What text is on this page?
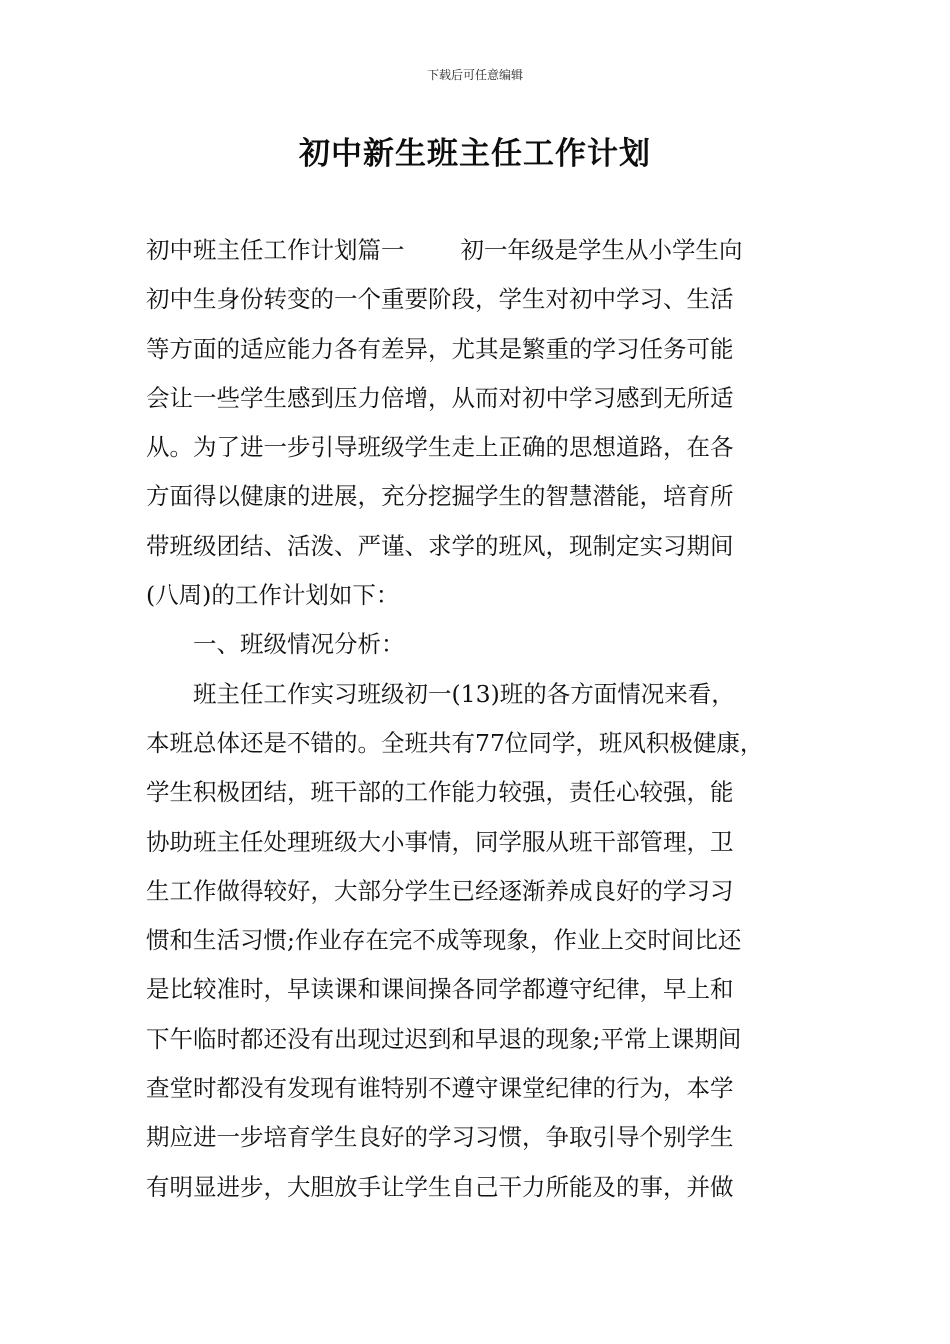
下载后可任意编辑
初中新生班主任工作计划

初中班主任工作计划篇一 初一年级是学生从小学生向

初中生身份转变的一个重要阶段，学生对初中学习、生活

等方面的适应能力各有差异，尤其是繁重的学习任务可能

会让一些学生感到压力倍增，从而对初中学习感到无所适

从。为了进一步引导班级学生走上正确的思想道路，在各

方面得以健康的进展，充分挖掘学生的智慧潜能，培育所

带班级团结、活泼、严谨、求学的班风，现制定实习期间

(八周)的工作计划如下：

一、班级情况分析：

班主任工作实习班级初一(13)班的各方面情况来看，

本班总体还是不错的。全班共有77位同学，班风积极健康，

学生积极团结，班干部的工作能力较强，责任心较强，能

协助班主任处理班级大小事情，同学服从班干部管理，卫

生工作做得较好，大部分学生已经逐渐养成良好的学习习

惯和生活习惯;作业存在完不成等现象，作业上交时间比还

是比较准时，早读课和课间操各同学都遵守纪律，早上和

下午临时都还没有出现过迟到和早退的现象;平常上课期间

查堂时都没有发现有谁特别不遵守课堂纪律的行为，本学

期应进一步培育学生良好的学习习惯，争取引导个别学生

有明显进步，大胆放手让学生自己干力所能及的事，并做
